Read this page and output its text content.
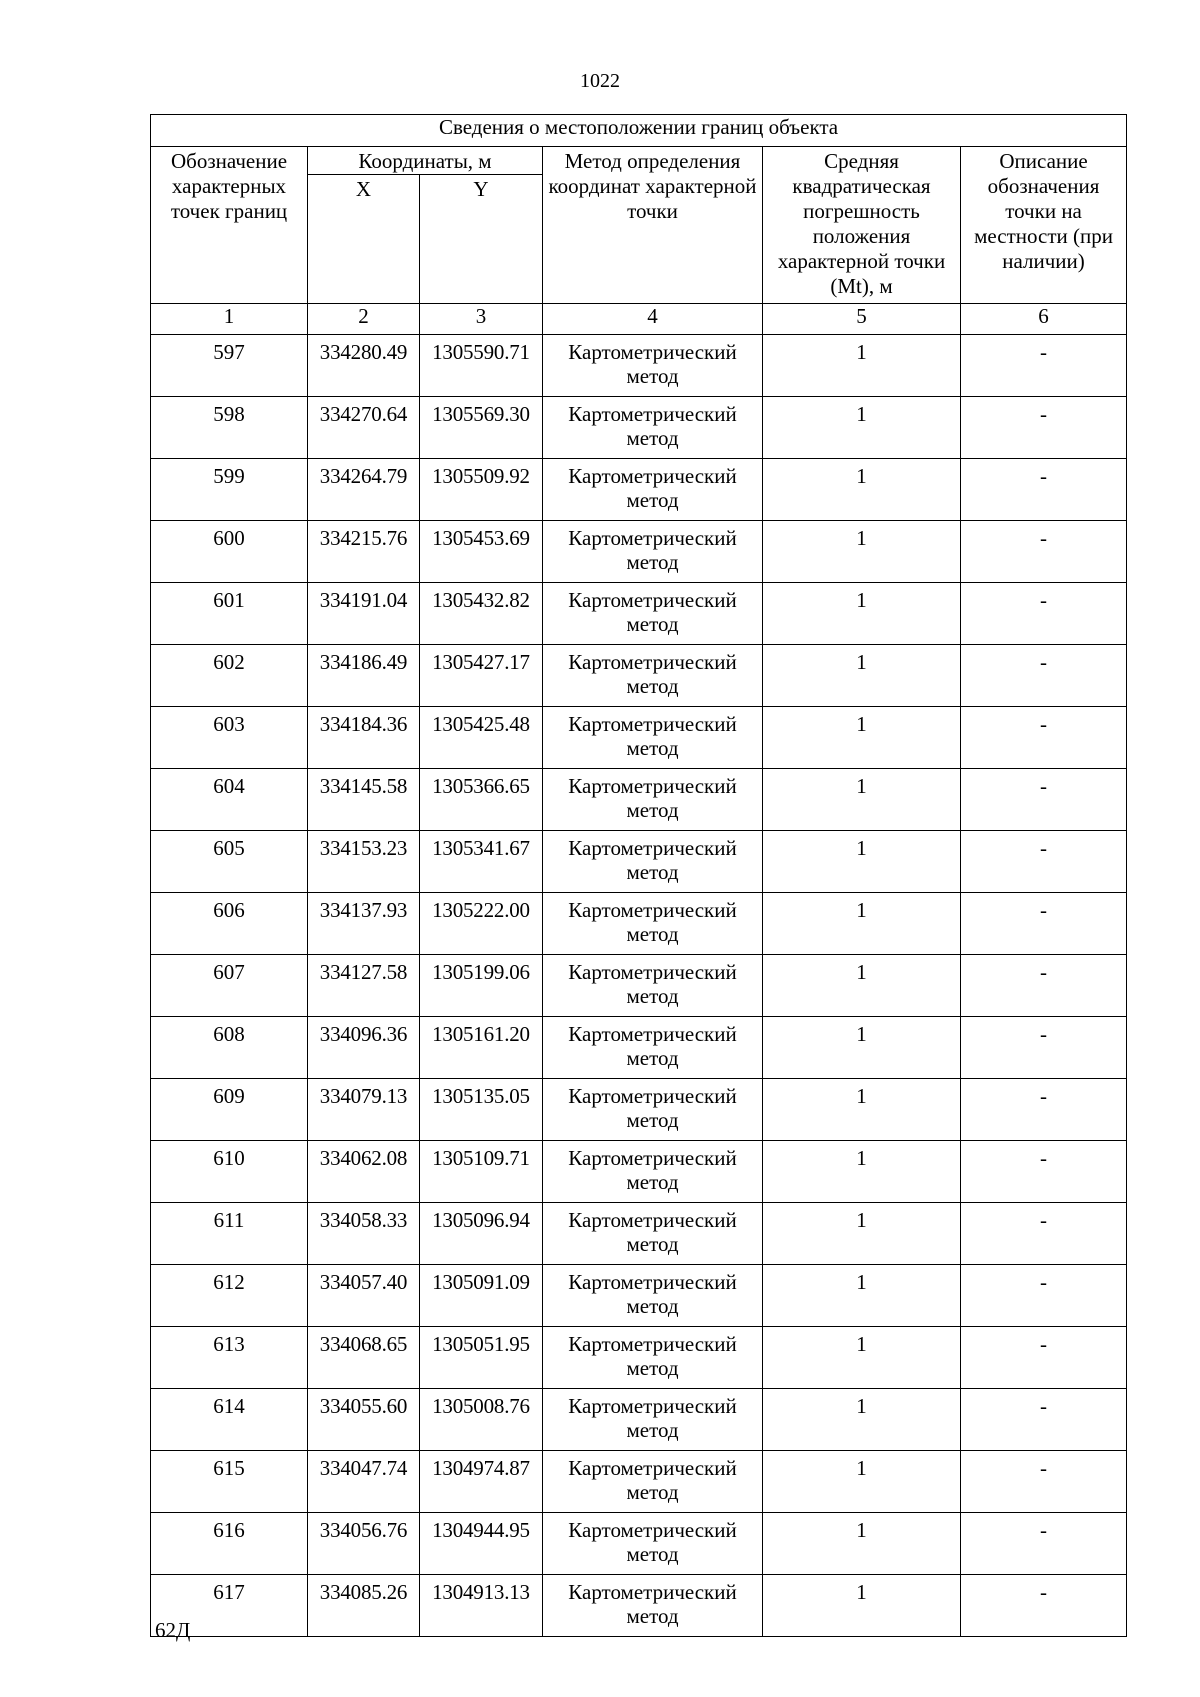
1022
Сведения о местоположении границ объекта					
Обозначение характерных точек границ	Координаты, м		Метод определения координат характерной точки	Средняя квадратическая погрешность положения характерной точки (Mt), м	Описание обозначения точки на местности (при наличии)
	X	Y			
1	2	3	4	5	6
597	334280.49	1305590.71	Картометрический метод	1	-
598	334270.64	1305569.30	Картометрический метод	1	-
599	334264.79	1305509.92	Картометрический метод	1	-
600	334215.76	1305453.69	Картометрический метод	1	-
601	334191.04	1305432.82	Картометрический метод	1	-
602	334186.49	1305427.17	Картометрический метод	1	-
603	334184.36	1305425.48	Картометрический метод	1	-
604	334145.58	1305366.65	Картометрический метод	1	-
605	334153.23	1305341.67	Картометрический метод	1	-
606	334137.93	1305222.00	Картометрический метод	1	-
607	334127.58	1305199.06	Картометрический метод	1	-
608	334096.36	1305161.20	Картометрический метод	1	-
609	334079.13	1305135.05	Картометрический метод	1	-
610	334062.08	1305109.71	Картометрический метод	1	-
611	334058.33	1305096.94	Картометрический метод	1	-
612	334057.40	1305091.09	Картометрический метод	1	-
613	334068.65	1305051.95	Картометрический метод	1	-
614	334055.60	1305008.76	Картометрический метод	1	-
615	334047.74	1304974.87	Картометрический метод	1	-
616	334056.76	1304944.95	Картометрический метод	1	-
617	334085.26	1304913.13	Картометрический метод	1	-
62Д
